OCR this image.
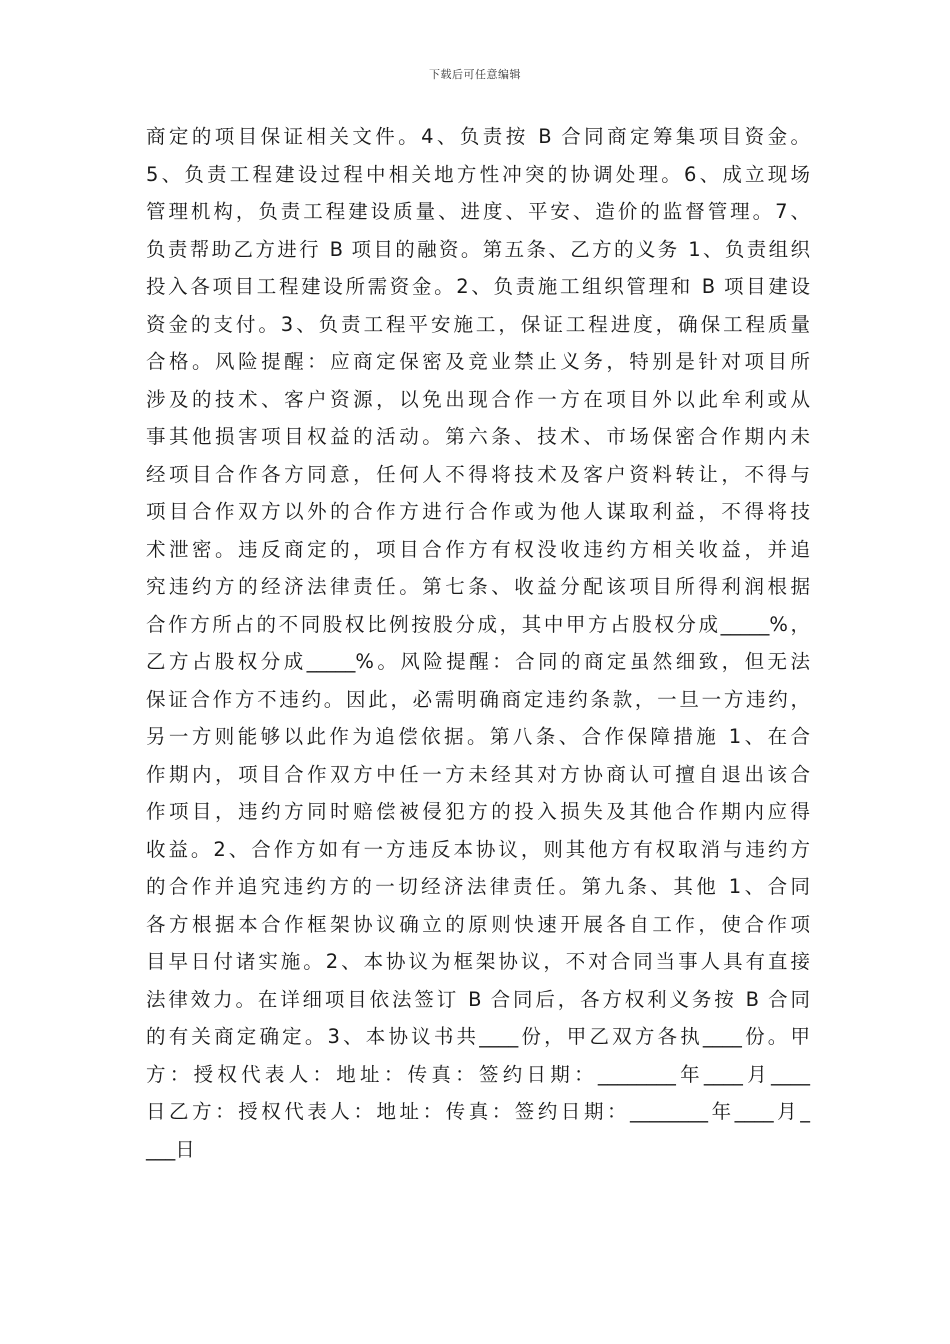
下载后可任意编辑
商定的项目保证相关文件。4、负责按 B 合同商定筹集项目资金。
5、负责工程建设过程中相关地方性冲突的协调处理。6、成立现场
管理机构，负责工程建设质量、进度、平安、造价的监督管理。7、
负责帮助乙方进行 B 项目的融资。第五条、乙方的义务 1、负责组织
投入各项目工程建设所需资金。2、负责施工组织管理和 B 项目建设
资金的支付。3、负责工程平安施工，保证工程进度，确保工程质量
合格。风险提醒：应商定保密及竞业禁止义务，特别是针对项目所
涉及的技术、客户资源，以免出现合作一方在项目外以此牟利或从
事其他损害项目权益的活动。第六条、技术、市场保密合作期内未
经项目合作各方同意，任何人不得将技术及客户资料转让，不得与
项目合作双方以外的合作方进行合作或为他人谋取利益，不得将技
术泄密。违反商定的，项目合作方有权没收违约方相关收益，并追
究违约方的经济法律责任。第七条、收益分配该项目所得利润根据
合作方所占的不同股权比例按股分成，其中甲方占股权分成_____%，
乙方占股权分成_____%。风险提醒：合同的商定虽然细致，但无法
保证合作方不违约。因此，必需明确商定违约条款，一旦一方违约，
另一方则能够以此作为追偿依据。第八条、合作保障措施 1、在合
作期内，项目合作双方中任一方未经其对方协商认可擅自退出该合
作项目，违约方同时赔偿被侵犯方的投入损失及其他合作期内应得
收益。2、合作方如有一方违反本协议，则其他方有权取消与违约方
的合作并追究违约方的一切经济法律责任。第九条、其他 1、合同
各方根据本合作框架协议确立的原则快速开展各自工作，使合作项
目早日付诸实施。2、本协议为框架协议，不对合同当事人具有直接
法律效力。在详细项目依法签订 B 合同后，各方权利义务按 B 合同
的有关商定确定。3、本协议书共____份，甲乙双方各执____份。甲
方：授权代表人：地址：传真：签约日期：________年____月____
日乙方：授权代表人：地址：传真：签约日期：________年____月_
___日
